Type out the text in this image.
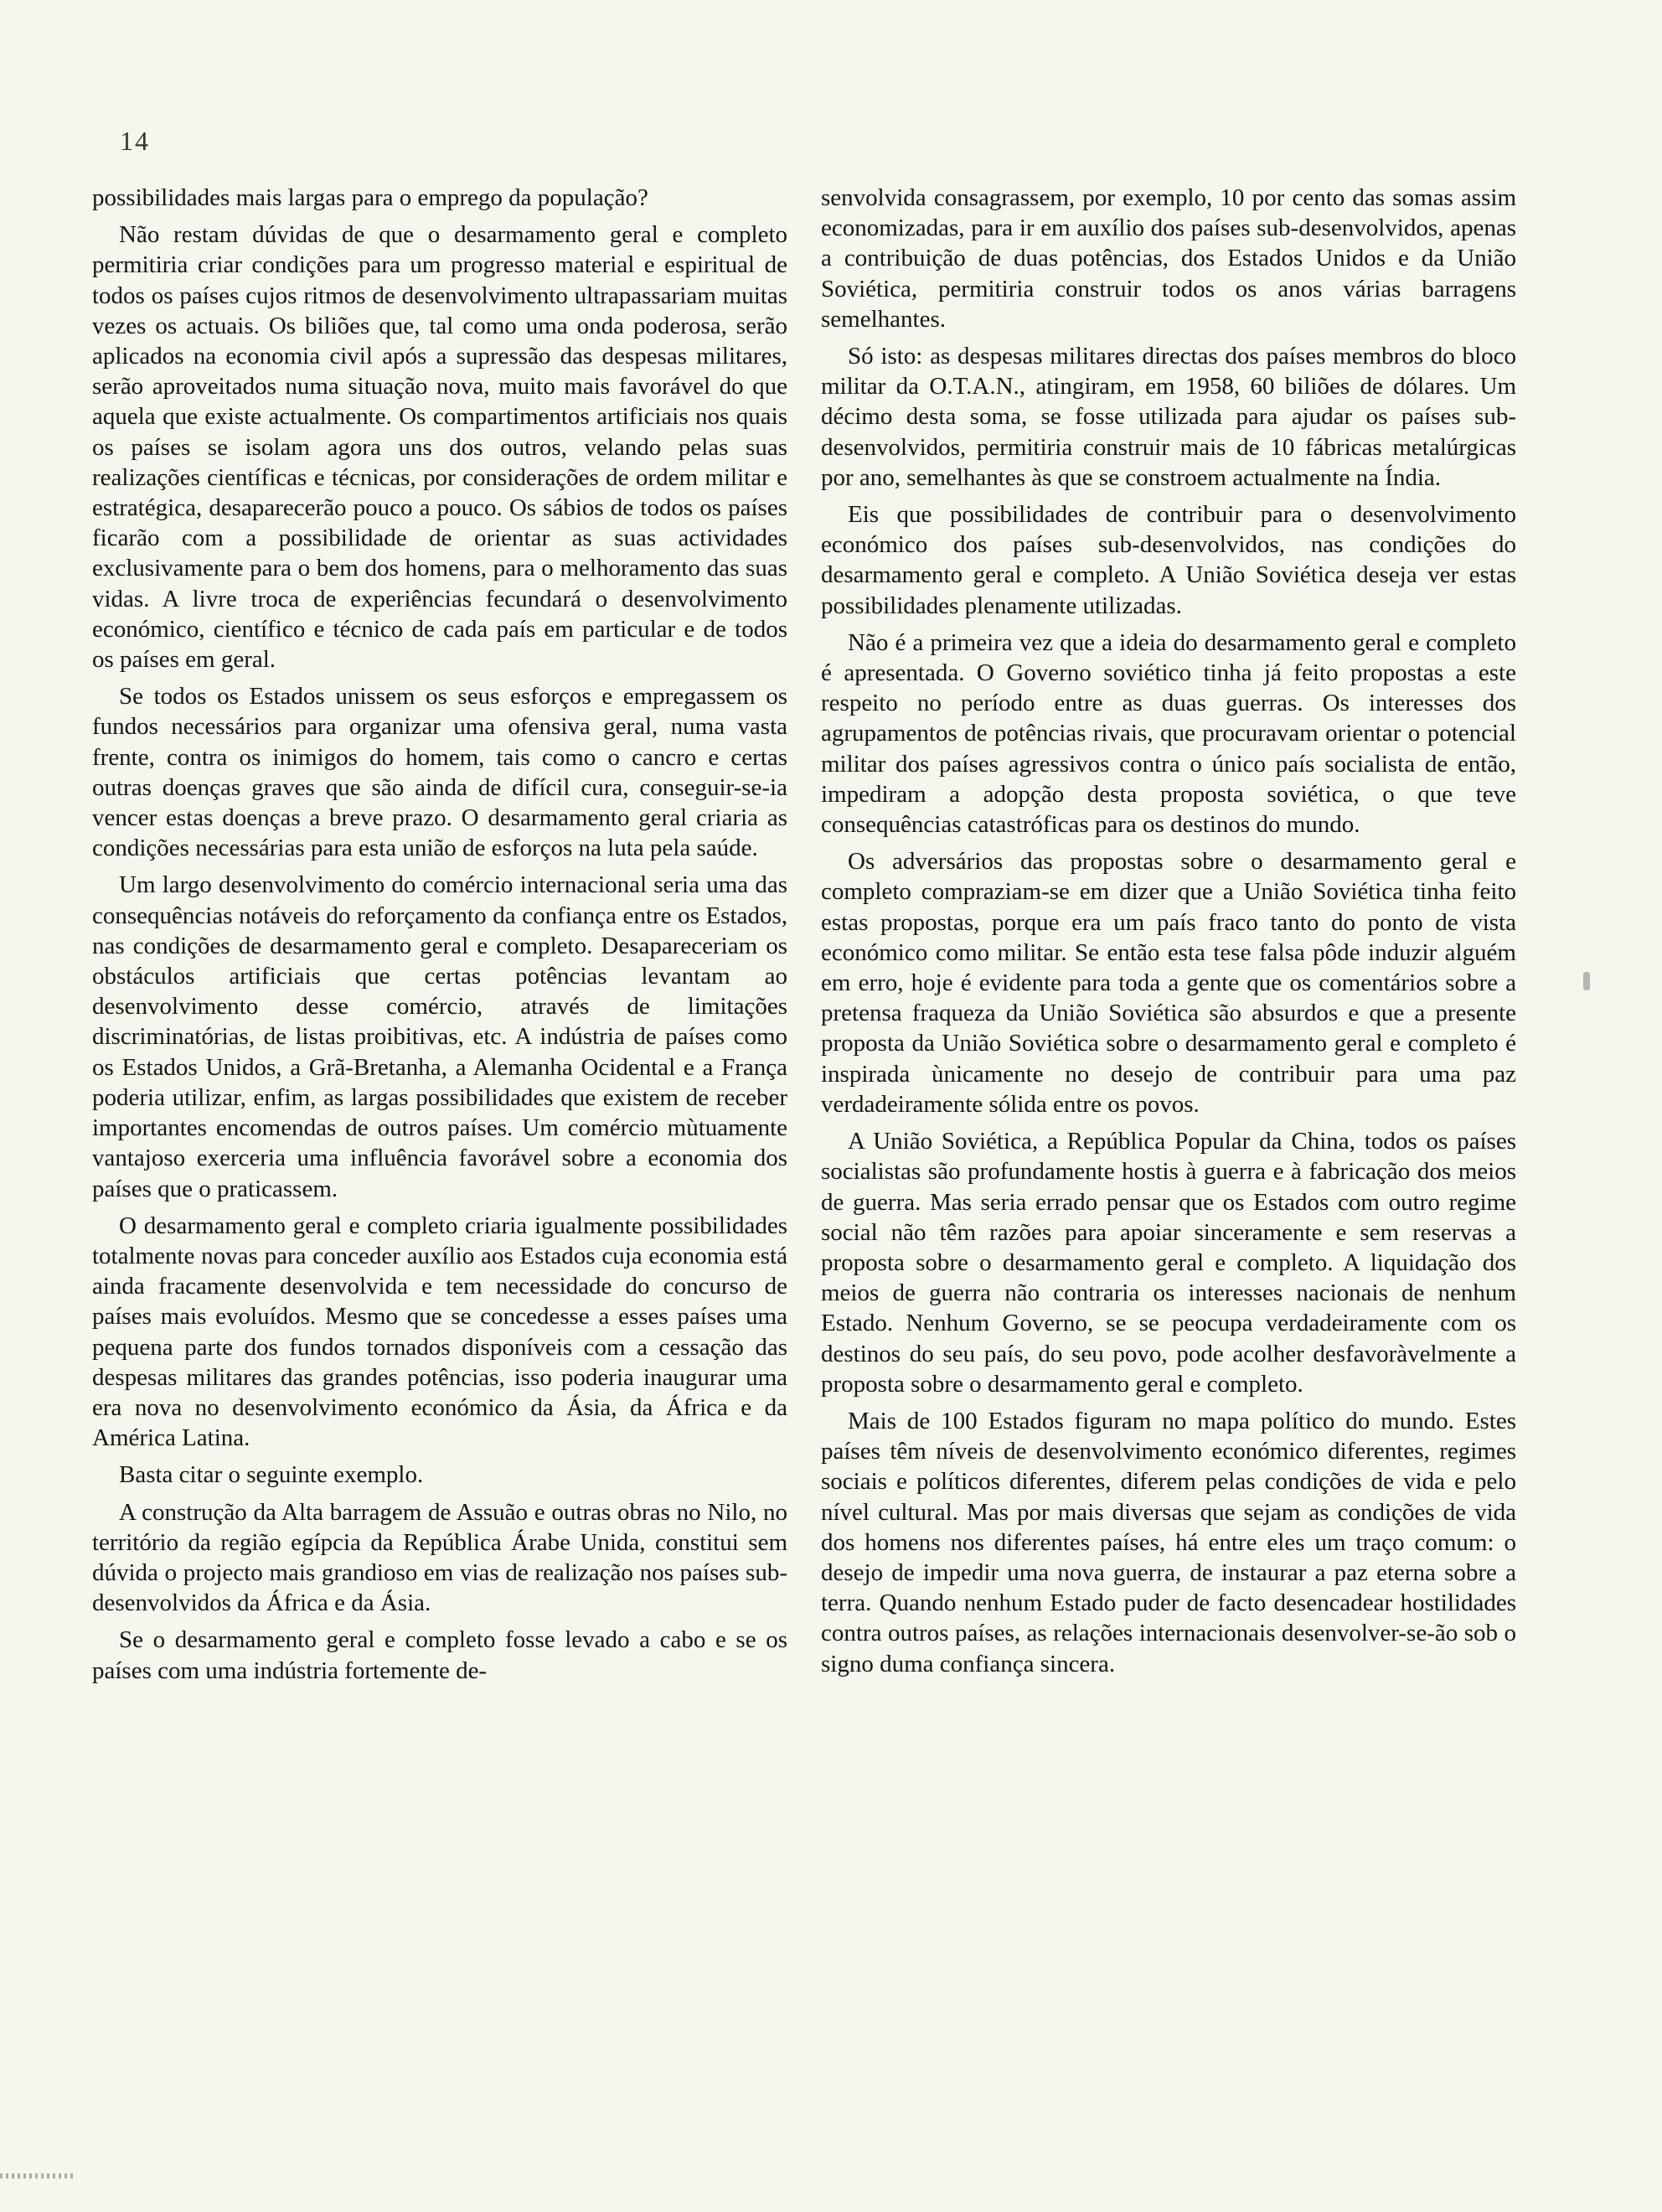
14

possibilidades mais largas para o emprego da população?

Não restam dúvidas de que o desarmamento geral e completo permitiria criar condições para um progresso material e espiritual de todos os países cujos ritmos de desenvolvimento ultrapassariam muitas vezes os actuais. Os biliões que, tal como uma onda poderosa, serão aplicados na economia civil após a supressão das despesas militares, serão aproveitados numa situação nova, muito mais favorável do que aquela que existe actualmente. Os compartimentos artificiais nos quais os países se isolam agora uns dos outros, velando pelas suas realizações científicas e técnicas, por considerações de ordem militar e estratégica, desaparecerão pouco a pouco. Os sábios de todos os países ficarão com a possibilidade de orientar as suas actividades exclusivamente para o bem dos homens, para o melhoramento das suas vidas. A livre troca de experiências fecundará o desenvolvimento económico, científico e técnico de cada país em particular e de todos os países em geral.

Se todos os Estados unissem os seus esforços e empregassem os fundos necessários para organizar uma ofensiva geral, numa vasta frente, contra os inimigos do homem, tais como o cancro e certas outras doenças graves que são ainda de difícil cura, conseguir-se-ia vencer estas doenças a breve prazo. O desarmamento geral criaria as condições necessárias para esta união de esforços na luta pela saúde.

Um largo desenvolvimento do comércio internacional seria uma das consequências notáveis do reforçamento da confiança entre os Estados, nas condições de desarmamento geral e completo. Desapareceriam os obstáculos artificiais que certas potências levantam ao desenvolvimento desse comércio, através de limitações discriminatórias, de listas proibitivas, etc. A indústria de países como os Estados Unidos, a Grã-Bretanha, a Alemanha Ocidental e a França poderia utilizar, enfim, as largas possibilidades que existem de receber importantes encomendas de outros países. Um comércio mùtuamente vantajoso exerceria uma influência favorável sobre a economia dos países que o praticassem.

O desarmamento geral e completo criaria igualmente possibilidades totalmente novas para conceder auxílio aos Estados cuja economia está ainda fracamente desenvolvida e tem necessidade do concurso de países mais evoluídos. Mesmo que se concedesse a esses países uma pequena parte dos fundos tornados disponíveis com a cessação das despesas militares das grandes potências, isso poderia inaugurar uma era nova no desenvolvimento económico da Ásia, da África e da América Latina.

Basta citar o seguinte exemplo.

A construção da Alta barragem de Assuão e outras obras no Nilo, no território da região egípcia da República Árabe Unida, constitui sem dúvida o projecto mais grandioso em vias de realização nos países sub-desenvolvidos da África e da Ásia.

Se o desarmamento geral e completo fosse levado a cabo e se os países com uma indústria fortemente de-

senvolvida consagrassem, por exemplo, 10 por cento das somas assim economizadas, para ir em auxílio dos países sub-desenvolvidos, apenas a contribuição de duas potências, dos Estados Unidos e da União Soviética, permitiria construir todos os anos várias barragens semelhantes.

Só isto: as despesas militares directas dos países membros do bloco militar da O.T.A.N., atingiram, em 1958, 60 biliões de dólares. Um décimo desta soma, se fosse utilizada para ajudar os países sub-desenvolvidos, permitiria construir mais de 10 fábricas metalúrgicas por ano, semelhantes às que se constroem actualmente na Índia.

Eis que possibilidades de contribuir para o desenvolvimento económico dos países sub-desenvolvidos, nas condições do desarmamento geral e completo. A União Soviética deseja ver estas possibilidades plenamente utilizadas.

Não é a primeira vez que a ideia do desarmamento geral e completo é apresentada. O Governo soviético tinha já feito propostas a este respeito no período entre as duas guerras. Os interesses dos agrupamentos de potências rivais, que procuravam orientar o potencial militar dos países agressivos contra o único país socialista de então, impediram a adopção desta proposta soviética, o que teve consequências catastróficas para os destinos do mundo.

Os adversários das propostas sobre o desarmamento geral e completo compraziam-se em dizer que a União Soviética tinha feito estas propostas, porque era um país fraco tanto do ponto de vista económico como militar. Se então esta tese falsa pôde induzir alguém em erro, hoje é evidente para toda a gente que os comentários sobre a pretensa fraqueza da União Soviética são absurdos e que a presente proposta da União Soviética sobre o desarmamento geral e completo é inspirada ùnicamente no desejo de contribuir para uma paz verdadeiramente sólida entre os povos.

A União Soviética, a República Popular da China, todos os países socialistas são profundamente hostis à guerra e à fabricação dos meios de guerra. Mas seria errado pensar que os Estados com outro regime social não têm razões para apoiar sinceramente e sem reservas a proposta sobre o desarmamento geral e completo. A liquidação dos meios de guerra não contraria os interesses nacionais de nenhum Estado. Nenhum Governo, se se peocupa verdadeiramente com os destinos do seu país, do seu povo, pode acolher desfavoràvelmente a proposta sobre o desarmamento geral e completo.

Mais de 100 Estados figuram no mapa político do mundo. Estes países têm níveis de desenvolvimento económico diferentes, regimes sociais e políticos diferentes, diferem pelas condições de vida e pelo nível cultural. Mas por mais diversas que sejam as condições de vida dos homens nos diferentes países, há entre eles um traço comum: o desejo de impedir uma nova guerra, de instaurar a paz eterna sobre a terra. Quando nenhum Estado puder de facto desencadear hostilidades contra outros países, as relações internacionais desenvolver-se-ão sob o signo duma confiança sincera.
